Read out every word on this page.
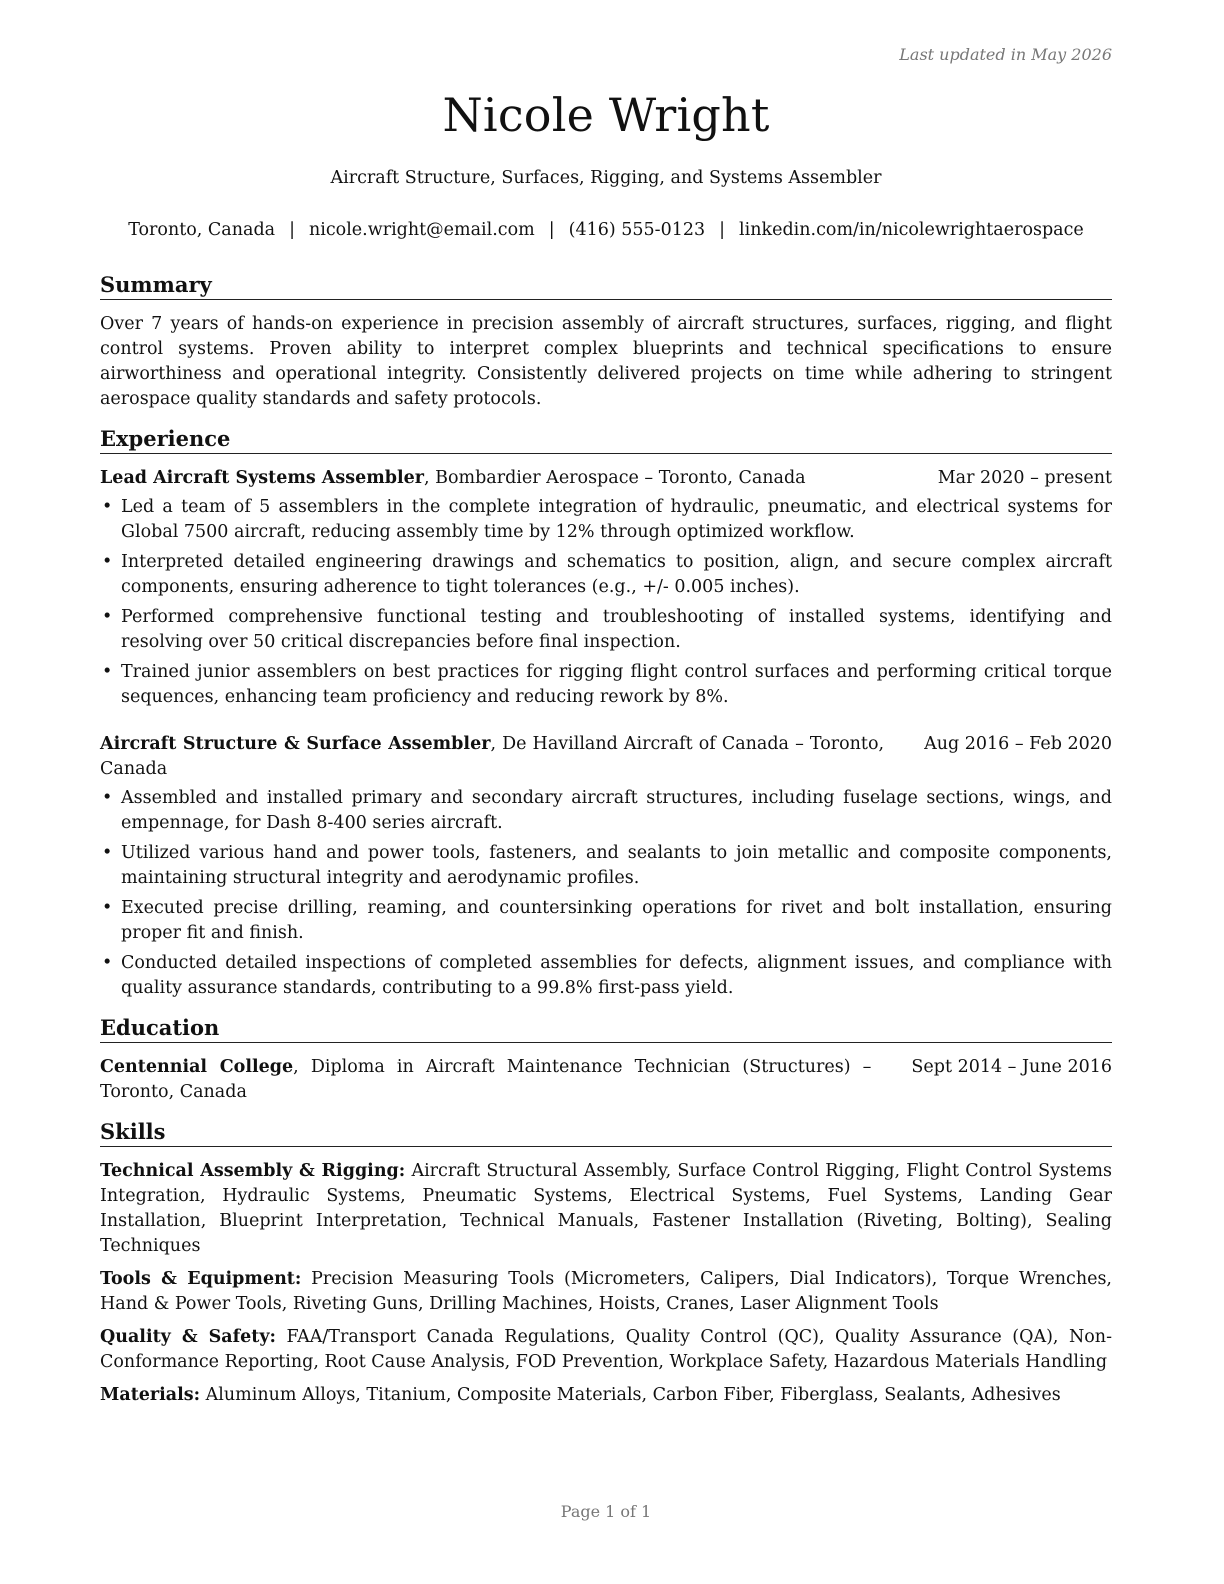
Last updated in May 2026
Nicole Wright
Aircraft Structure, Surfaces, Rigging, and Systems Assembler
Toronto, Canada | nicole.wright@email.com | (416) 555-0123 | linkedin.com/in/nicolewrightaerospace
Summary

Over 7 years of hands-on experience in precision assembly of aircraft structures, surfaces, rigging, and flight control systems. Proven ability to interpret complex blueprints and technical specifications to ensure airworthiness and operational integrity. Consistently delivered projects on time while adhering to stringent aerospace quality standards and safety protocols.

Experience
Lead Aircraft Systems Assembler, Bombardier Aerospace – Toronto, Canada	Mar 2020 – present
• Led a team of 5 assemblers in the complete integration of hydraulic, pneumatic, and electrical systems for Global 7500 aircraft, reducing assembly time by 12% through optimized workflow.
• Interpreted detailed engineering drawings and schematics to position, align, and secure complex aircraft components, ensuring adherence to tight tolerances (e.g., +/- 0.005 inches).
• Performed comprehensive functional testing and troubleshooting of installed systems, identifying and resolving over 50 critical discrepancies before final inspection.
• Trained junior assemblers on best practices for rigging flight control surfaces and performing critical torque sequences, enhancing team proficiency and reducing rework by 8%.
Aircraft Structure & Surface Assembler, De Havilland Aircraft of Canada – Toronto, Canada
Aug 2016 – Feb 2020
• Assembled and installed primary and secondary aircraft structures, including fuselage sections, wings, and empennage, for Dash 8-400 series aircraft.
• Utilized various hand and power tools, fasteners, and sealants to join metallic and composite components, maintaining structural integrity and aerodynamic profiles.
• Executed precise drilling, reaming, and countersinking operations for rivet and bolt installation, ensuring proper fit and finish.
• Conducted detailed inspections of completed assemblies for defects, alignment issues, and compliance with quality assurance standards, contributing to a 99.8% first-pass yield.
Education
Centennial College, Diploma in Aircraft Maintenance Technician (Structures) – Toronto, Canada
Sept 2014 – June 2016
Skills

Technical Assembly & Rigging: Aircraft Structural Assembly, Surface Control Rigging, Flight Control Systems Integration, Hydraulic Systems, Pneumatic Systems, Electrical Systems, Fuel Systems, Landing Gear Installation, Blueprint Interpretation, Technical Manuals, Fastener Installation (Riveting, Bolting), Sealing Techniques

Tools & Equipment: Precision Measuring Tools (Micrometers, Calipers, Dial Indicators), Torque Wrenches, Hand & Power Tools, Riveting Guns, Drilling Machines, Hoists, Cranes, Laser Alignment Tools

Quality & Safety: FAA/Transport Canada Regulations, Quality Control (QC), Quality Assurance (QA), Non-Conformance Reporting, Root Cause Analysis, FOD Prevention, Workplace Safety, Hazardous Materials Handling

Materials: Aluminum Alloys, Titanium, Composite Materials, Carbon Fiber, Fiberglass, Sealants, Adhesives

Page 1 of 1
